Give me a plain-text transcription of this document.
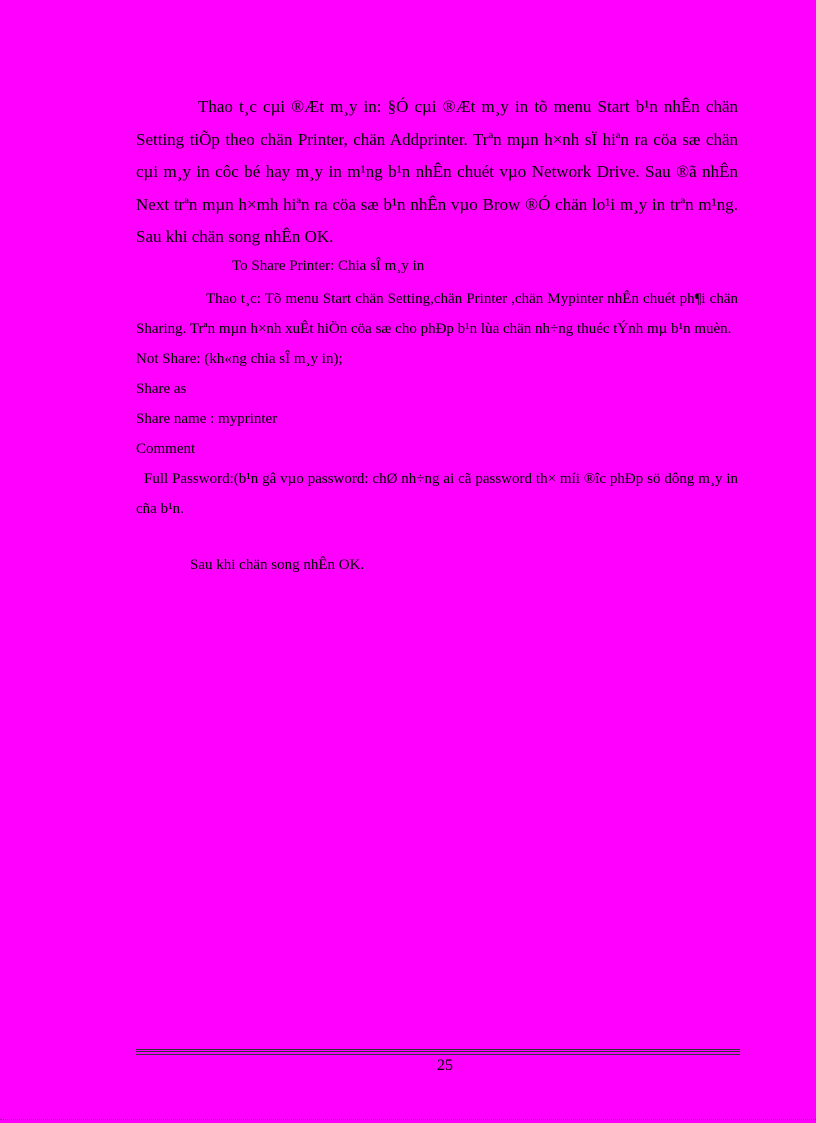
Thao t¸c cµi ®Æt m¸y in: §Ó cµi ®Æt m¸y in tõ menu Start b¹n nhÊn chän Setting tiÕp theo chän Printer, chän Addprinter. Trªn mµn h×nh sÏ hiªn ra cöa sæ chän cµi m¸y in côc bé hay m¸y in m¹ng b¹n nhÊn chuét vµo Network Drive. Sau ®ã nhÊn Next trªn mµn h×mh hiªn ra cöa sæ b¹n nhÊn vµo Brow ®Ó chän lo¹i m¸y in trªn m¹ng. Sau khi chän song nhÊn OK.

To Share Printer: Chia sÎ m¸y in

Thao t¸c: Tõ menu Start chän Setting,chän Printer ,chän Mypinter nhÊn chuét ph¶i chän Sharing. Trªn mµn h×nh xuÊt hiÖn cöa sæ cho phÐp b¹n lùa chän nh÷ng thuéc tÝnh mµ b¹n muèn.

Not Share: (kh«ng chia sÎ m¸y in);

Share as

Share name : myprinter

Comment

Full Password:(b¹n gâ vµo password: chØ nh÷ng ai cã password th× míi ®îc phÐp sö dông m¸y in cña b¹n.

Sau khi chän song nhÊn OK.
25
